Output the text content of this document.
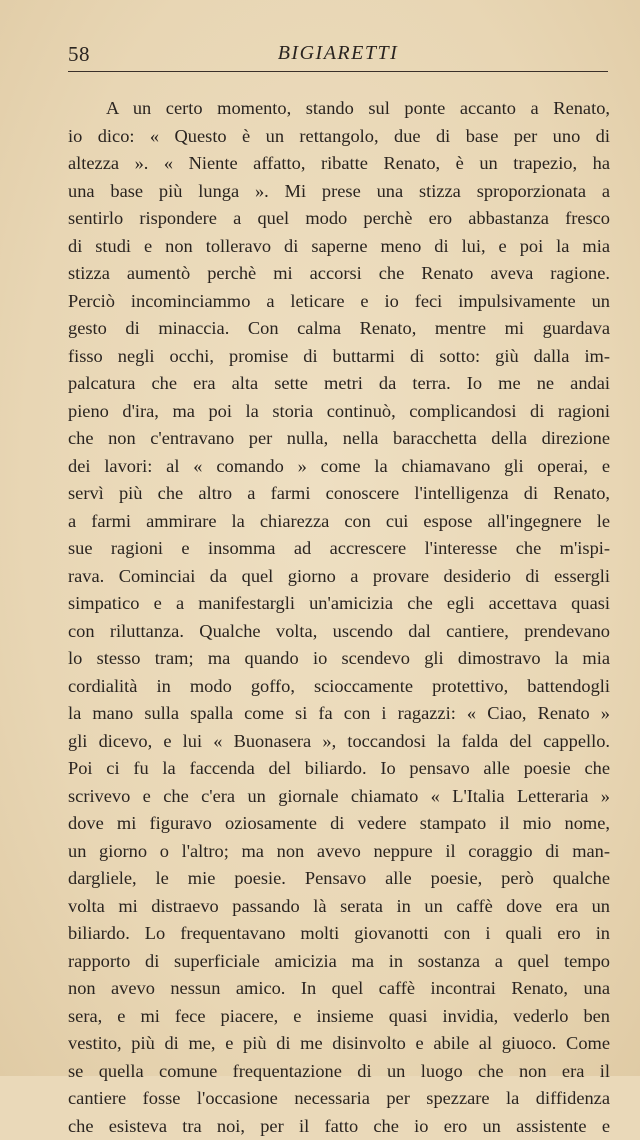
58	BIGIARETTI
A un certo momento, stando sul ponte accanto a Renato,
io dico: « Questo è un rettangolo, due di base per uno di
altezza ». « Niente affatto, ribatte Renato, è un trapezio, ha
una base più lunga ». Mi prese una stizza sproporzionata a
sentirlo rispondere a quel modo perchè ero abbastanza fresco
di studi e non tolleravo di saperne meno di lui, e poi la mia
stizza aumentò perchè mi accorsi che Renato aveva ragione.
Perciò incominciammo a leticare e io feci impulsivamente un
gesto di minaccia. Con calma Renato, mentre mi guardava
fisso negli occhi, promise di buttarmi di sotto: giù dalla im-
palcatura che era alta sette metri da terra. Io me ne andai
pieno d'ira, ma poi la storia continuò, complicandosi di ragioni
che non c'entravano per nulla, nella baracchetta della direzione
dei lavori: al « comando » come la chiamavano gli operai, e
servì più che altro a farmi conoscere l'intelligenza di Renato,
a farmi ammirare la chiarezza con cui espose all'ingegnere le
sue ragioni e insomma ad accrescere l'interesse che m'ispi-
rava. Cominciai da quel giorno a provare desiderio di essergli
simpatico e a manifestargli un'amicizia che egli accettava quasi
con riluttanza. Qualche volta, uscendo dal cantiere, prendevano
lo stesso tram; ma quando io scendevo gli dimostravo la mia
cordialità in modo goffo, scioccamente protettivo, battendogli
la mano sulla spalla come si fa con i ragazzi: « Ciao, Renato »
gli dicevo, e lui « Buonasera », toccandosi la falda del cappello.
Poi ci fu la faccenda del biliardo. Io pensavo alle poesie che
scrivevo e che c'era un giornale chiamato « L'Italia Letteraria »
dove mi figuravo oziosamente di vedere stampato il mio nome,
un giorno o l'altro; ma non avevo neppure il coraggio di man-
dargliele, le mie poesie. Pensavo alle poesie, però qualche
volta mi distraevo passando là serata in un caffè dove era un
biliardo. Lo frequentavano molti giovanotti con i quali ero in
rapporto di superficiale amicizia ma in sostanza a quel tempo
non avevo nessun amico. In quel caffè incontrai Renato, una
sera, e mi fece piacere, e insieme quasi invidia, vederlo ben
vestito, più di me, e più di me disinvolto e abile al giuoco. Come
se quella comune frequentazione di un luogo che non era il
cantiere fosse l'occasione necessaria per spezzare la diffidenza
che esisteva tra noi, per il fatto che io ero un assistente e
